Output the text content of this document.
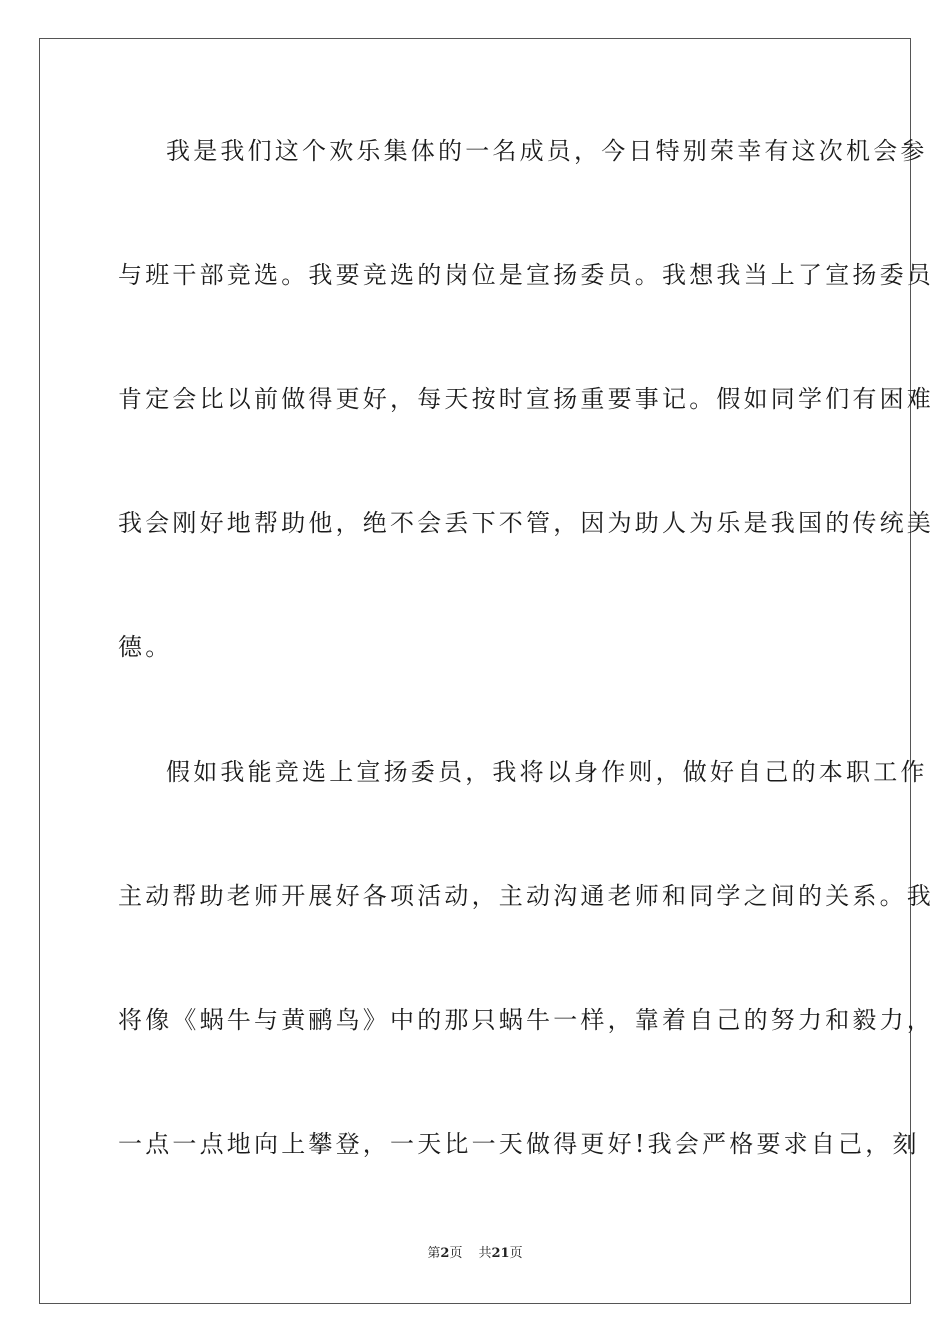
我是我们这个欢乐集体的一名成员，今日特别荣幸有这次机会参
与班干部竞选。我要竞选的岗位是宣扬委员。我想我当上了宣扬委员
肯定会比以前做得更好，每天按时宣扬重要事记。假如同学们有困难
我会刚好地帮助他，绝不会丢下不管，因为助人为乐是我国的传统美
德。
假如我能竞选上宣扬委员，我将以身作则，做好自己的本职工作
主动帮助老师开展好各项活动，主动沟通老师和同学之间的关系。我
将像《蜗牛与黄鹂鸟》中的那只蜗牛一样，靠着自己的努力和毅力，
一点一点地向上攀登，一天比一天做得更好!我会严格要求自己，刻
第2页 共21页
